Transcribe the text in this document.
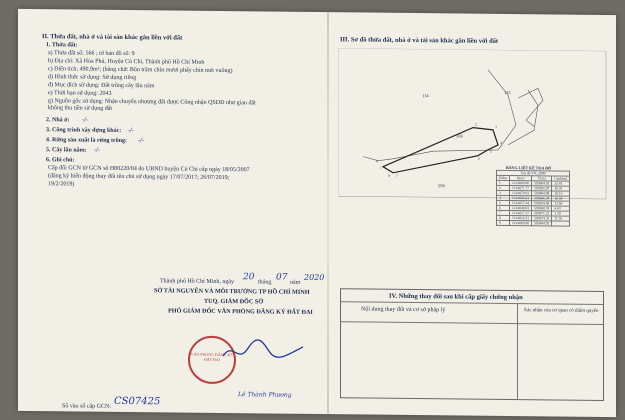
II. Thửa đất, nhà ở và tài sản khác gắn liền với đất
1. Thửa đất:
a) Thửa đất số: 566 ; tờ bản đồ số: 9
b) Địa chỉ: Xã Hòa Phú, Huyện Củ Chi, Thành phố Hồ Chí Minh
c) Diện tích: 490,9m²; (bằng chữ: Bốn trăm chín mươi phẩy chín mét vuông)
d) Hình thức sử dụng: Sử dụng riêng
đ) Mục đích sử dụng: Đất trồng cây lâu năm
e) Thời hạn sử dụng: 2043
g) Nguồn gốc sử dụng: Nhận chuyển nhượng đất được Công nhận QSDĐ như giao đất
không thu tiền sử dụng đất
2. Nhà ở: -/-
3. Công trình xây dựng khác: -/-
4. Rừng sản xuất là rừng trồng: -/-
5. Cây lâu năm: -/-
6. Ghi chú:
Cấp đổi GCN từ GCN số H00220/04 do UBND huyện Củ Chi cấp ngày 18/05/2007
(đăng ký biến động thay đổi tên chủ sử dụng ngày 17/07/2017; 26/07/2019;
19/2/2019)
Thành phố Hồ Chí Minh, ngày 20
tháng 07
năm
2020
SỞ TÀI NGUYÊN VÀ MÔI TRƯỜNG TP HỒ CHÍ MINH
TUQ. GIÁM ĐỐC SỞ
PHÓ GIÁM ĐỐC VĂN PHÒNG ĐĂNG KÝ ĐẤT ĐAI
VĂN PHÒNG ĐĂNG KÝ ĐẤT ĐAI
Lê Thành Phương
Số vào sổ cấp GCN: CS07425
III. Sơ đồ thửa đất, nhà ở và tài sản khác gắn liền với đất
114
115
566
596
1
2
3
4
5
6
7
8
9
BẢNG LIỆT KÊ TỌA ĐỘ
Toạ độ VN_2000			
Điểm	X(m)	Y(m)	Cạnh(m)
1	1214809.80	593884.92	32.81
2	1214871.77	593895.87	10.91
3	1214879.93	593884.08	18.10
4	1214866.63	593866.34	16.59
5	1214857.44	593854.58	13.60
6	1214849.03	593860.74	4.43
7	1214827.27	593871.22	1.30
8	1214816.21	593874.31	11.91
9	1214809.80	593884.92	
IV. Những thay đổi sau khi cấp giấy chứng nhận
Nội dung thay đổi và cơ sở pháp lý	Xác nhận của cơ quan có thẩm quyền
